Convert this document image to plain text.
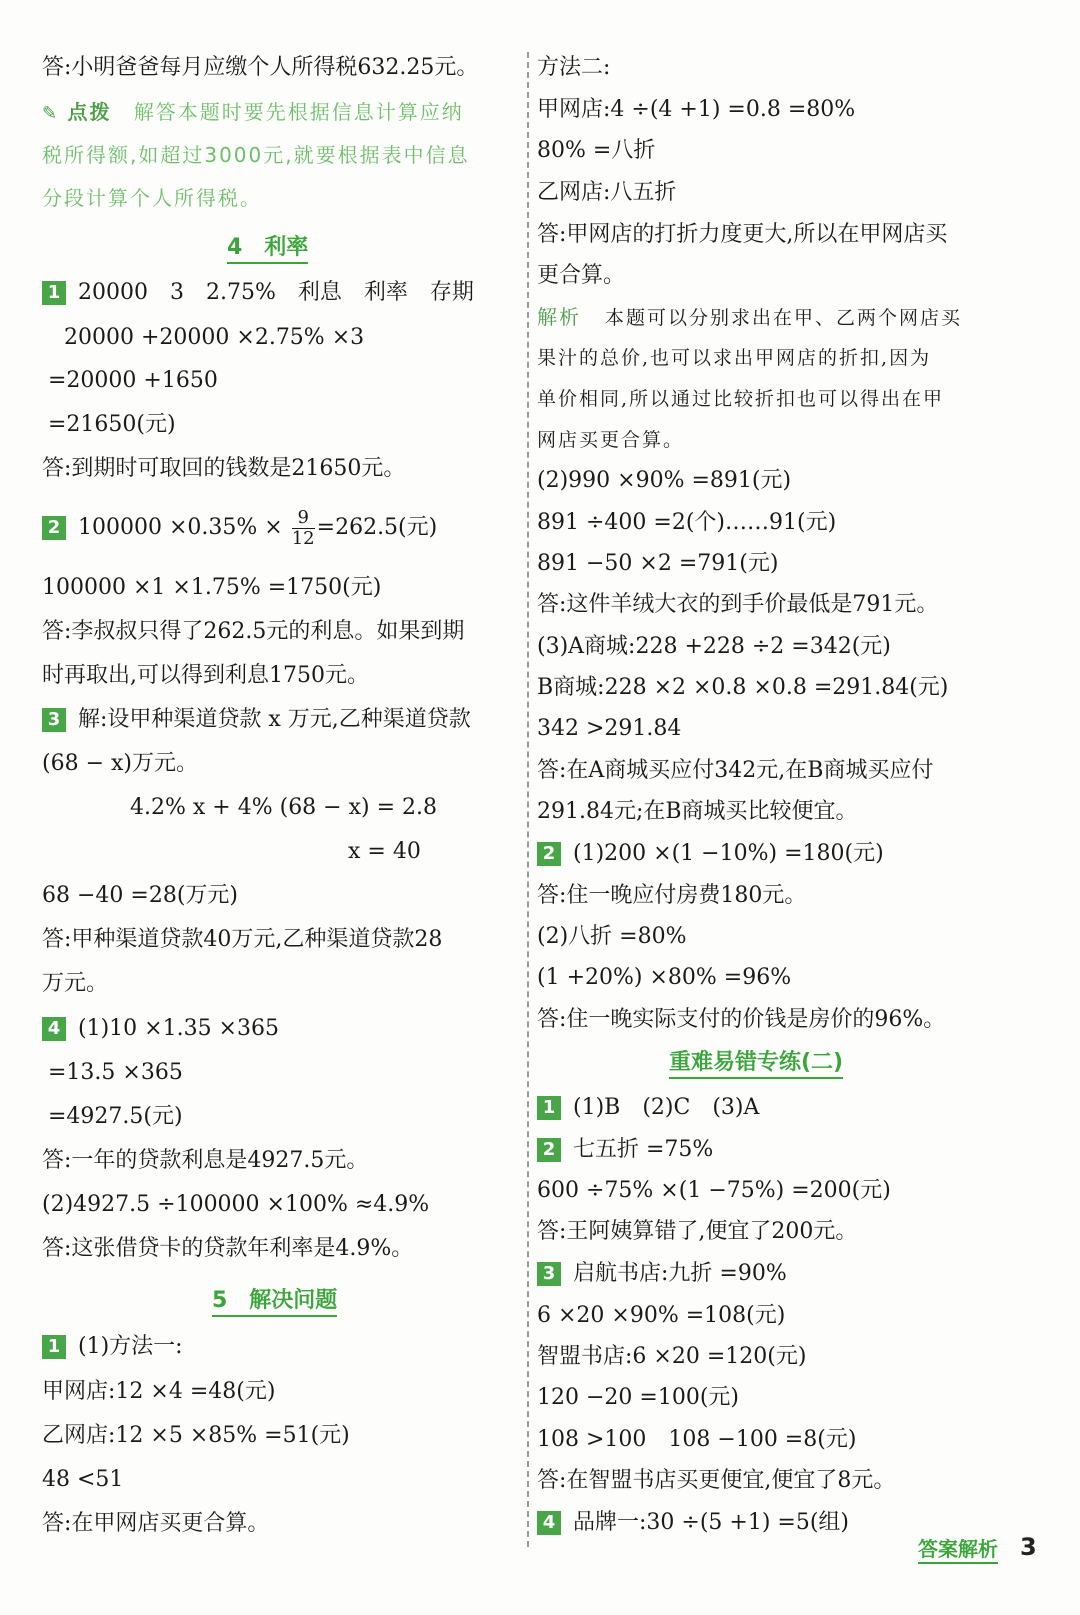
答:小明爸爸每月应缴个人所得税632.25元。
✎ 点拨 解答本题时要先根据信息计算应纳
税所得额,如超过3000元,就要根据表中信息
分段计算个人所得税。
4　利率
1 20000　3　2.75%　利息　利率　存期
20000 +20000 ×2.75% ×3
=20000 +1650
=21650(元)
答:到期时可取回的钱数是21650元。
2 $100000 \times 0.35\% \times \frac{9}{12} =262.5$(元)
100000 ×1 ×1.75% =1750(元)
答:李叔叔只得了262.5元的利息。如果到期
时再取出,可以得到利息1750元。
3 解:设甲种渠道贷款 x 万元,乙种渠道贷款
(68 − x)万元。
4.2% x + 4% (68 − x) = 2.8
x = 40
68 −40 =28(万元)
答:甲种渠道贷款40万元,乙种渠道贷款28
万元。
4 (1)10 ×1.35 ×365
=13.5 ×365
=4927.5(元)
答:一年的贷款利息是4927.5元。
(2)4927.5 ÷100000 ×100% ≈4.9%
答:这张借贷卡的贷款年利率是4.9%。
5　解决问题
1 (1)方法一:
甲网店:12 ×4 =48(元)
乙网店:12 ×5 ×85% =51(元)
48 <51
答:在甲网店买更合算。
方法二:
甲网店:4 ÷(4 +1) =0.8 =80%
80% =八折
乙网店:八五折
答:甲网店的打折力度更大,所以在甲网店买
更合算。
解析 本题可以分别求出在甲、乙两个网店买
果汁的总价,也可以求出甲网店的折扣,因为
单价相同,所以通过比较折扣也可以得出在甲
网店买更合算。
(2)990 ×90% =891(元)
891 ÷400 =2(个)……91(元)
891 −50 ×2 =791(元)
答:这件羊绒大衣的到手价最低是791元。
(3)A商城:228 +228 ÷2 =342(元)
B商城:228 ×2 ×0.8 ×0.8 =291.84(元)
342 >291.84
答:在A商城买应付342元,在B商城买应付
291.84元;在B商城买比较便宜。
2 (1)200 ×(1 −10%) =180(元)
答:住一晚应付房费180元。
(2)八折 =80%
(1 +20%) ×80% =96%
答:住一晚实际支付的价钱是房价的96%。
重难易错专练(二)
1 (1)B　(2)C　(3)A
2 七五折 =75%
600 ÷75% ×(1 −75%) =200(元)
答:王阿姨算错了,便宜了200元。
3 启航书店:九折 =90%
6 ×20 ×90% =108(元)
智盟书店:6 ×20 =120(元)
120 −20 =100(元)
108 >100　108 −100 =8(元)
答:在智盟书店买更便宜,便宜了8元。
4 品牌一:30 ÷(5 +1) =5(组)
答案解析 3
